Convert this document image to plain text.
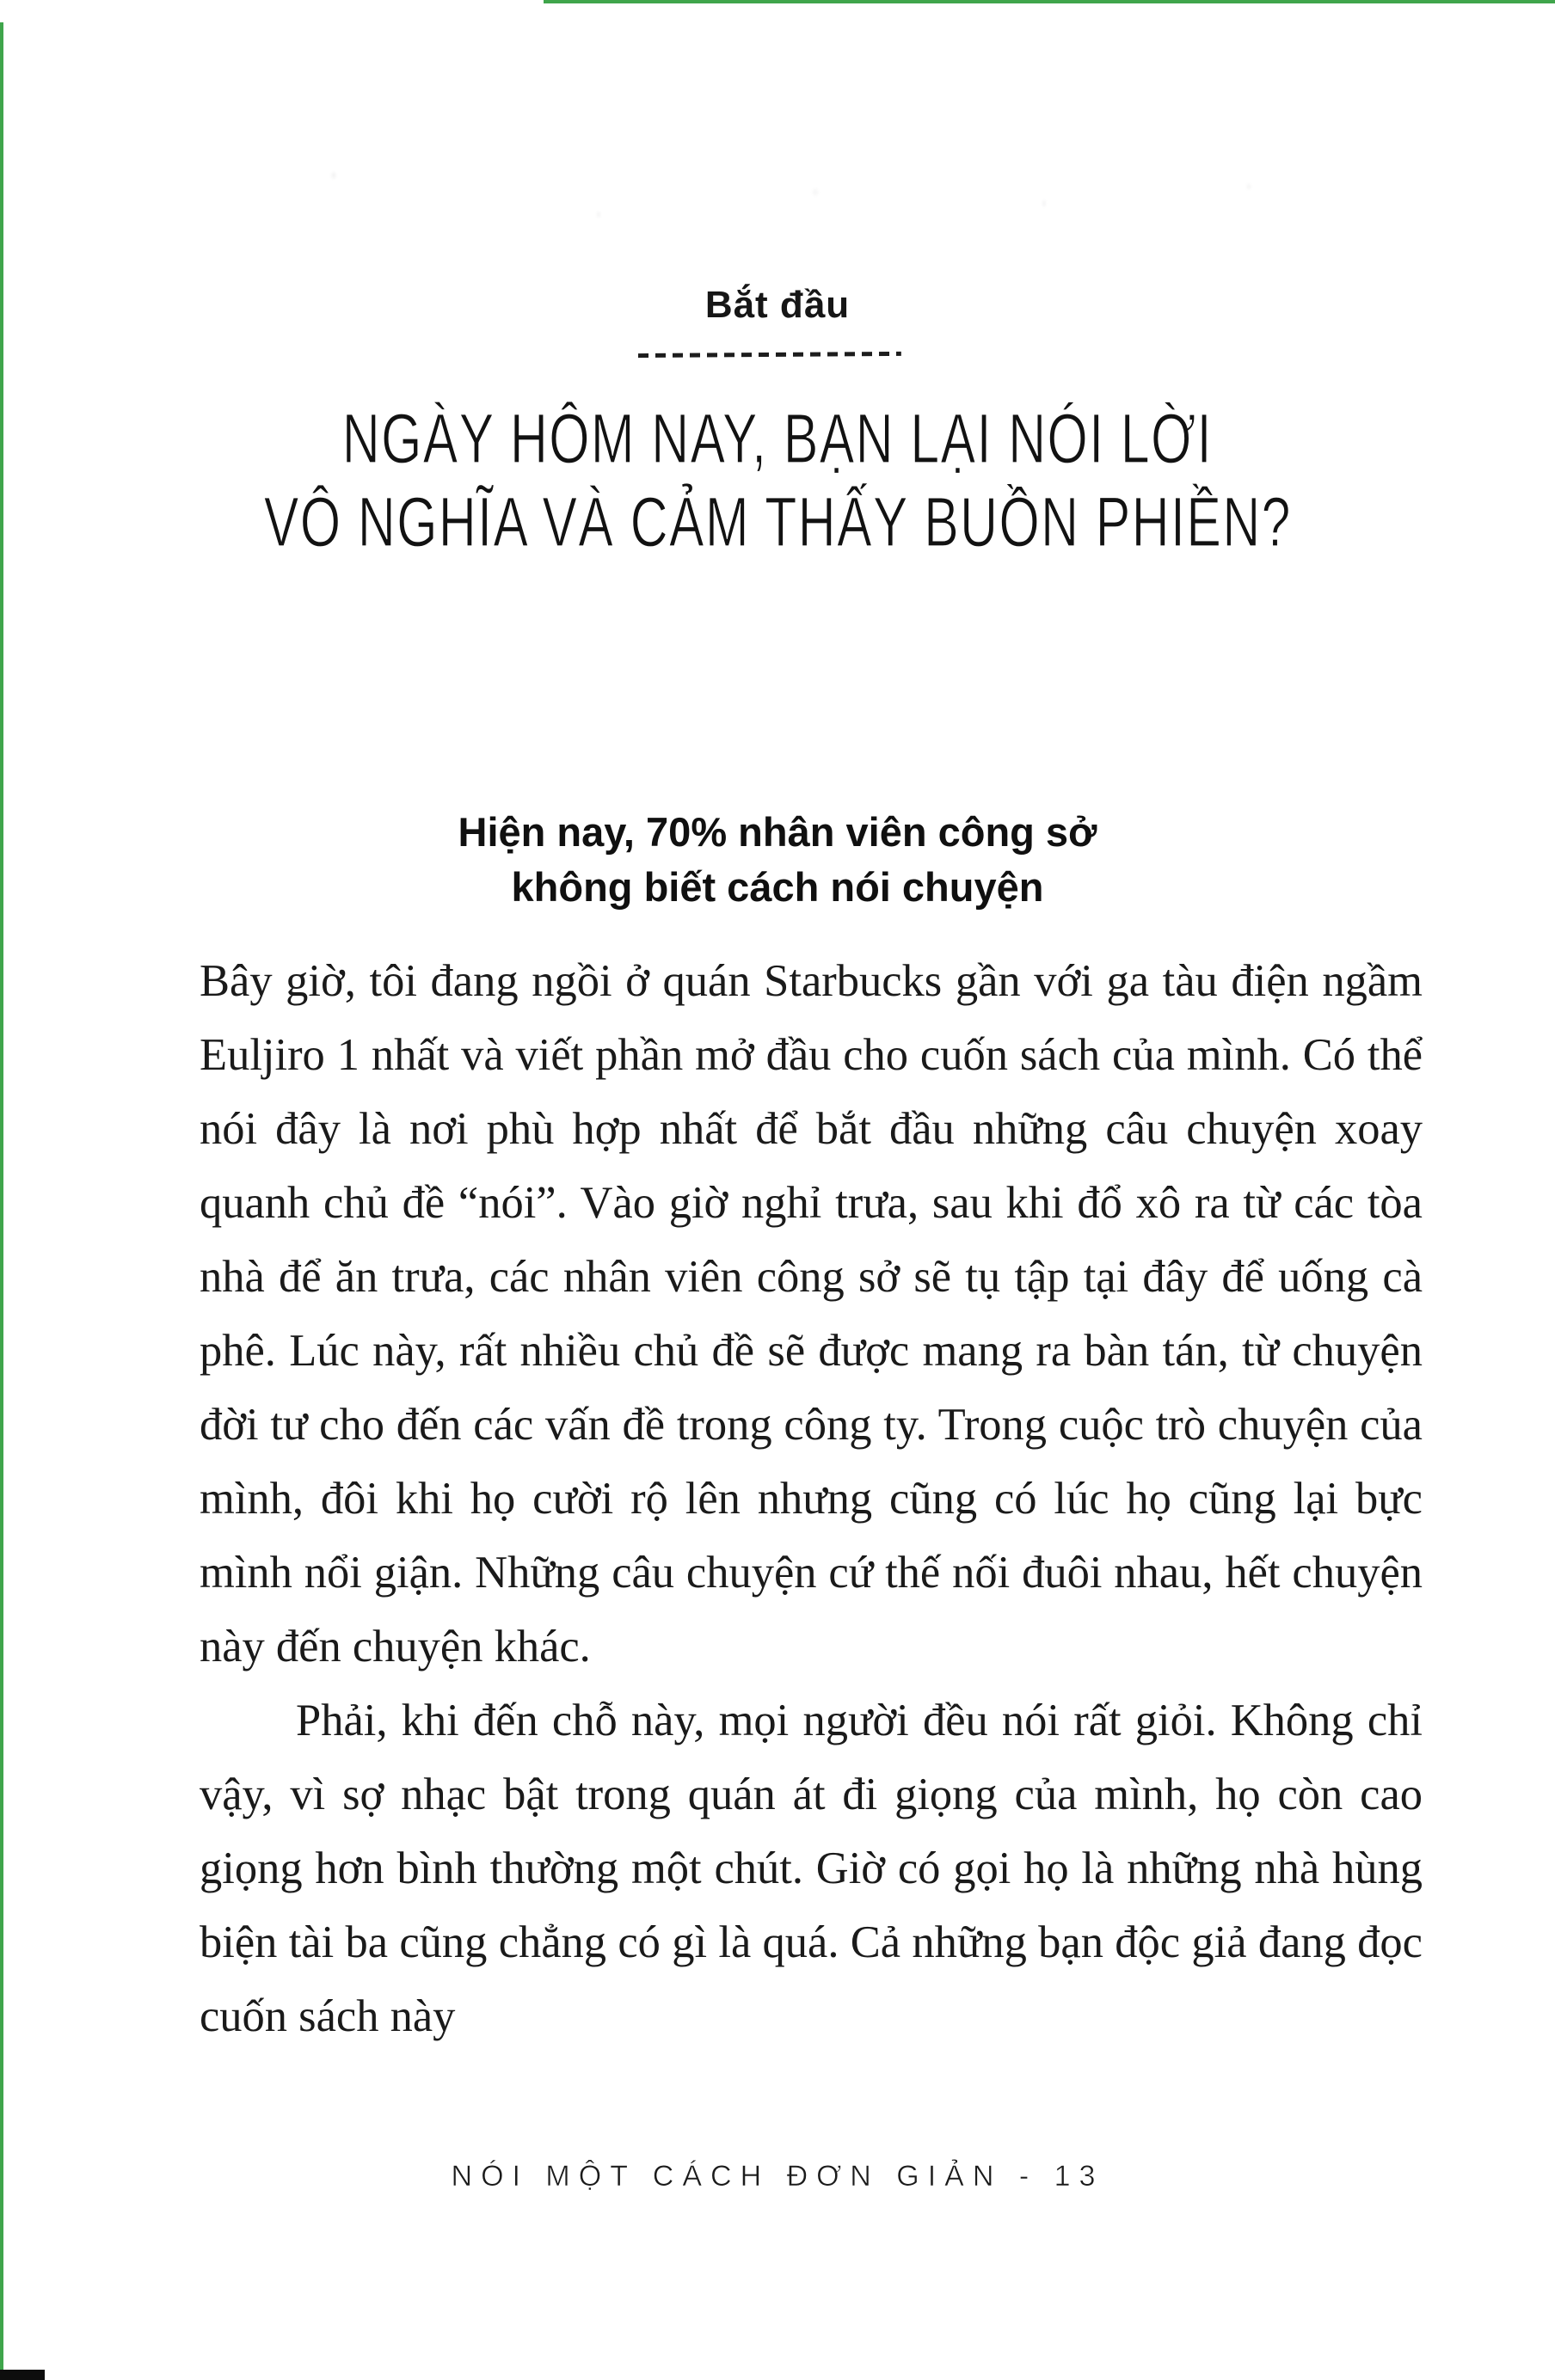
Bắt đầu
NGÀY HÔM NAY, BẠN LẠI NÓI LỜI
VÔ NGHĨA VÀ CẢM THẤY BUỒN PHIỀN?
Hiện nay, 70% nhân viên công sở
không biết cách nói chuyện

Bây giờ, tôi đang ngồi ở quán Starbucks gần với ga tàu điện ngầm Euljiro 1 nhất và viết phần mở đầu cho cuốn sách của mình. Có thể nói đây là nơi phù hợp nhất để bắt đầu những câu chuyện xoay quanh chủ đề “nói”. Vào giờ nghỉ trưa, sau khi đổ xô ra từ các tòa nhà để ăn trưa, các nhân viên công sở sẽ tụ tập tại đây để uống cà phê. Lúc này, rất nhiều chủ đề sẽ được mang ra bàn tán, từ chuyện đời tư cho đến các vấn đề trong công ty. Trong cuộc trò chuyện của mình, đôi khi họ cười rộ lên nhưng cũng có lúc họ cũng lại bực mình nổi giận. Những câu chuyện cứ thế nối đuôi nhau, hết chuyện này đến chuyện khác.

Phải, khi đến chỗ này, mọi người đều nói rất giỏi. Không chỉ vậy, vì sợ nhạc bật trong quán át đi giọng của mình, họ còn cao giọng hơn bình thường một chút. Giờ có gọi họ là những nhà hùng biện tài ba cũng chẳng có gì là quá. Cả những bạn độc giả đang đọc cuốn sách này

NÓI MỘT CÁCH ĐƠN GIẢN - 13
